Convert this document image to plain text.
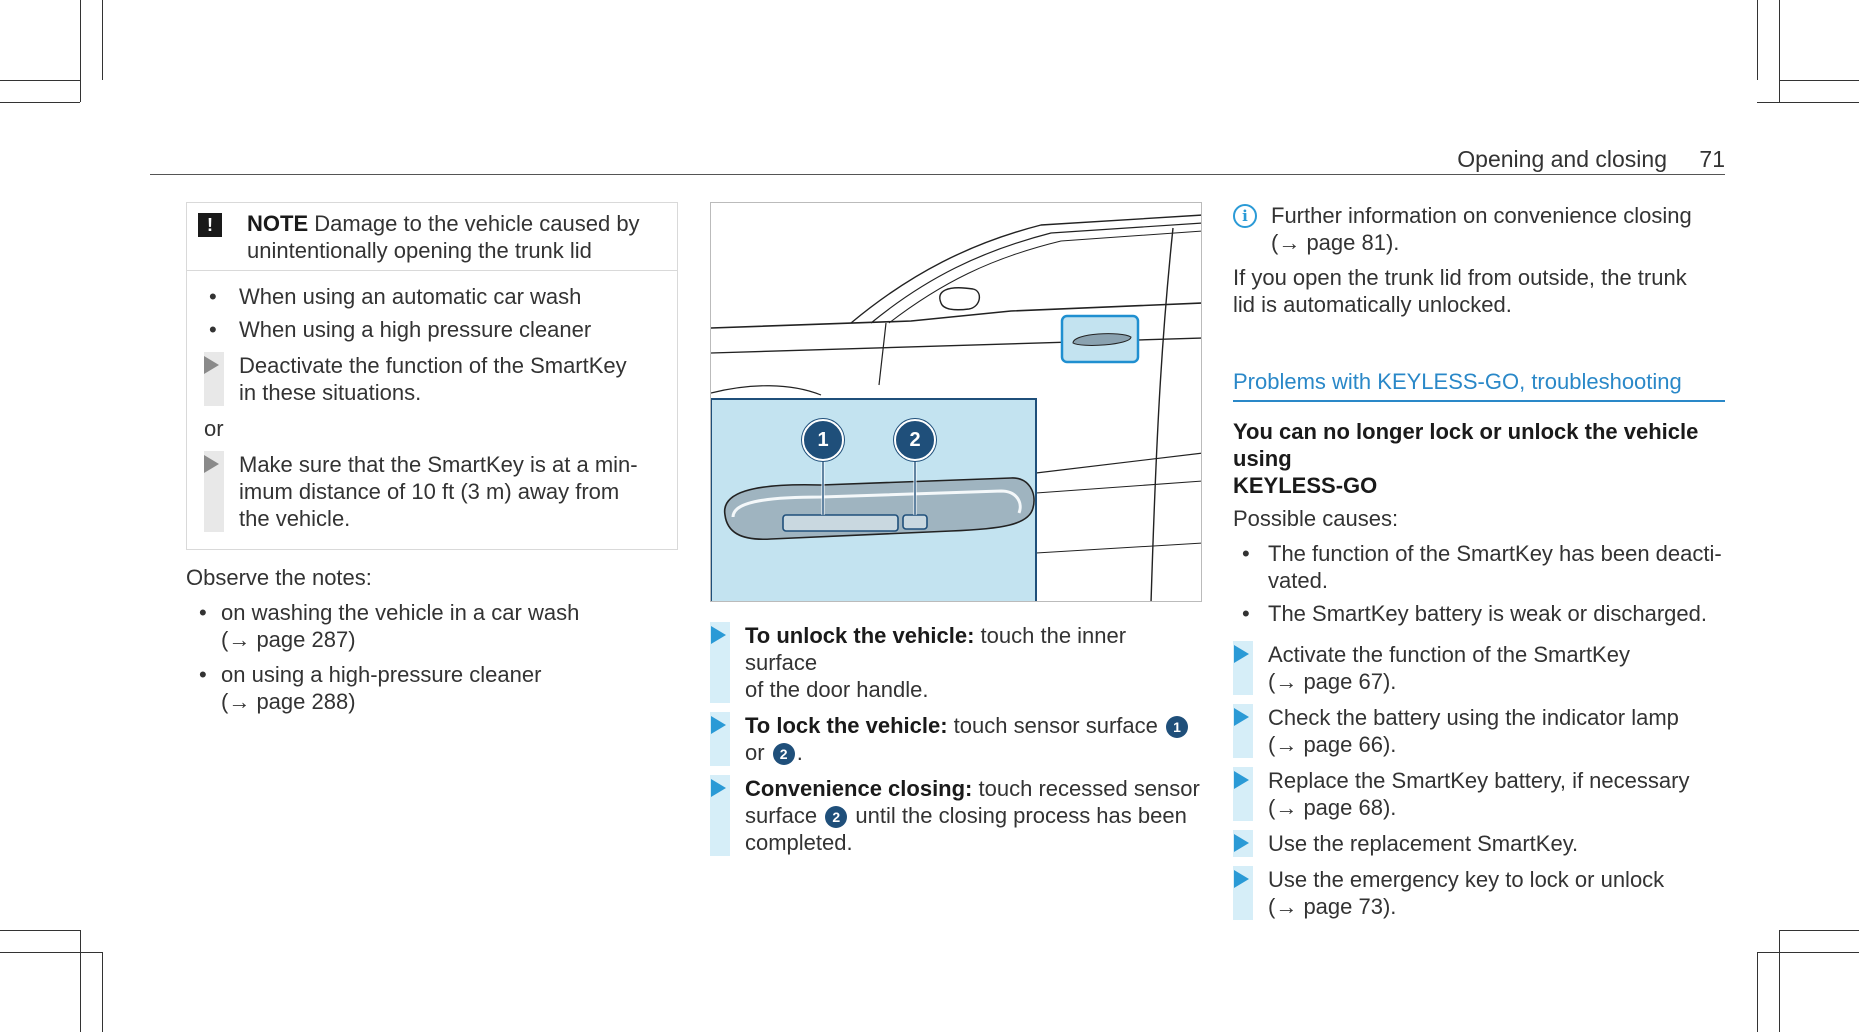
Opening and closing 71
!	NOTE Damage to the vehicle caused by
unintentionally opening the trunk lid
• When using an automatic car wash
• When using a high pressure cleaner
Deactivate the function of the SmartKey
in these situations.
or
Make sure that the SmartKey is at a min-
imum distance of 10 ft (3 m) away from
the vehicle.
Observe the notes:
• on washing the vehicle in a car wash
(→ page 287)
• on using a high-pressure cleaner
(→ page 288)
1	2
To unlock the vehicle: touch the inner surface
of the door handle.
To lock the vehicle: touch sensor surface 1
or 2 .
Convenience closing: touch recessed sensor
surface 2 until the closing process has been
completed.
i	Further information on convenience closing
(→ page 81).
If you open the trunk lid from outside, the trunk
lid is automatically unlocked.
Problems with KEYLESS-GO, troubleshooting
You can no longer lock or unlock the vehicle using
KEYLESS-GO
Possible causes:
• The function of the SmartKey has been deacti-
vated.
• The SmartKey battery is weak or discharged.
Activate the function of the SmartKey
(→ page 67).
Check the battery using the indicator lamp
(→ page 66).
Replace the SmartKey battery, if necessary
(→ page 68).
Use the replacement SmartKey.
Use the emergency key to lock or unlock
(→ page 73).
